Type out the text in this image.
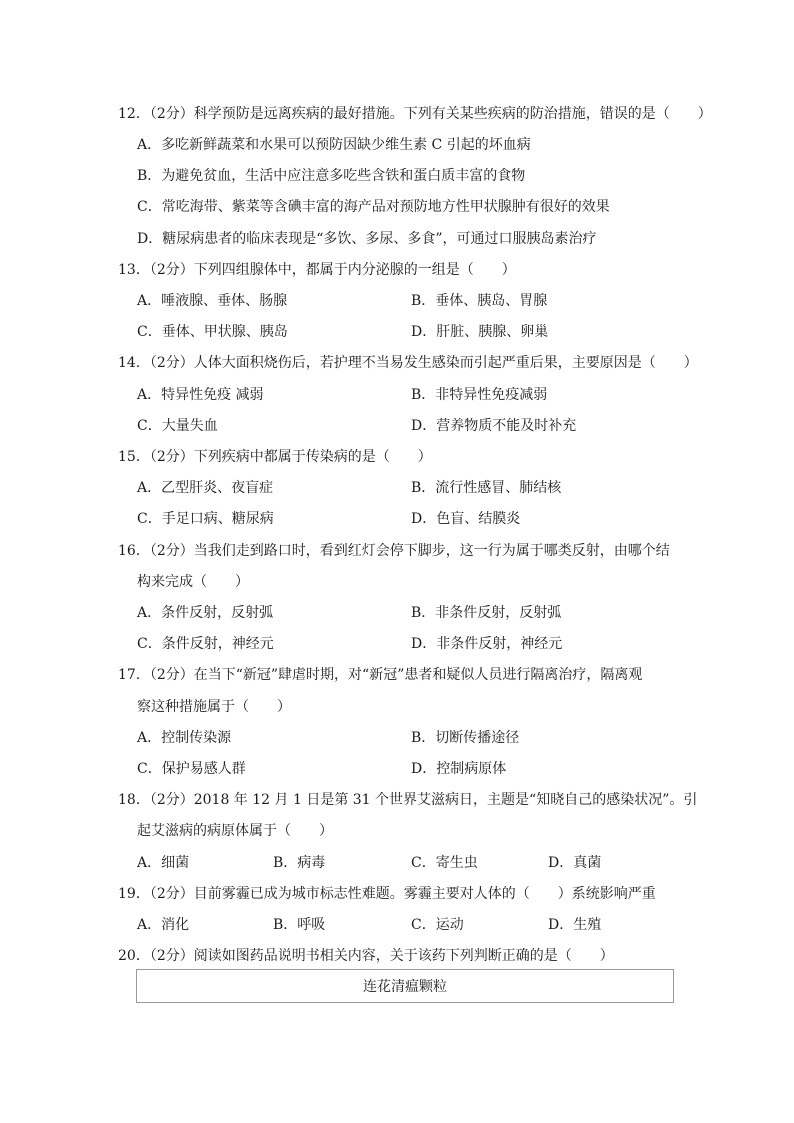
12．（2分）科学预防是远离疾病的最好措施。下列有关某些疾病的防治措施，错误的是（　　）
A．多吃新鲜蔬菜和水果可以预防因缺少维生素 C 引起的坏血病
B．为避免贫血，生活中应注意多吃些含铁和蛋白质丰富的食物
C．常吃海带、紫菜等含碘丰富的海产品对预防地方性甲状腺肿有很好的效果
D．糖尿病患者的临床表现是“多饮、多尿、多食”，可通过口服胰岛素治疗
13．（2分）下列四组腺体中，都属于内分泌腺的一组是（　　）
A．唾液腺、垂体、肠腺	B．垂体、胰岛、胃腺
C．垂体、甲状腺、胰岛	D．肝脏、胰腺、卵巢
14．（2分）人体大面积烧伤后，若护理不当易发生感染而引起严重后果，主要原因是（　　）
A．特异性免疫 减弱	B．非特异性免疫减弱
C．大量失血	D．营养物质不能及时补充
15．（2分）下列疾病中都属于传染病的是（　　）
A．乙型肝炎、夜盲症	B．流行性感冒、肺结核
C．手足口病、糖尿病	D．色盲、结膜炎
16．（2分）当我们走到路口时，看到红灯会停下脚步，这一行为属于哪类反射，由哪个结
构来完成（　　）
A．条件反射，反射弧	B．非条件反射，反射弧
C．条件反射，神经元	D．非条件反射，神经元
17．（2分）在当下“新冠”肆虐时期，对“新冠”患者和疑似人员进行隔离治疗，隔离观
察这种措施属于（　　）
A．控制传染源	B．切断传播途径
C．保护易感人群	D．控制病原体
18．（2分）2018 年 12 月 1 日是第 31 个世界艾滋病日，主题是“知晓自己的感染状况”。引
起艾滋病的病原体属于（　　）
A．细菌	B．病毒	C．寄生虫	D．真菌
19．（2分）目前雾霾已成为城市标志性难题。雾霾主要对人体的（　　）系统影响严重
A．消化	B．呼吸	C．运动	D．生殖
20．（2分）阅读如图药品说明书相关内容，关于该药下列判断正确的是（　　）
连花清瘟颗粒
